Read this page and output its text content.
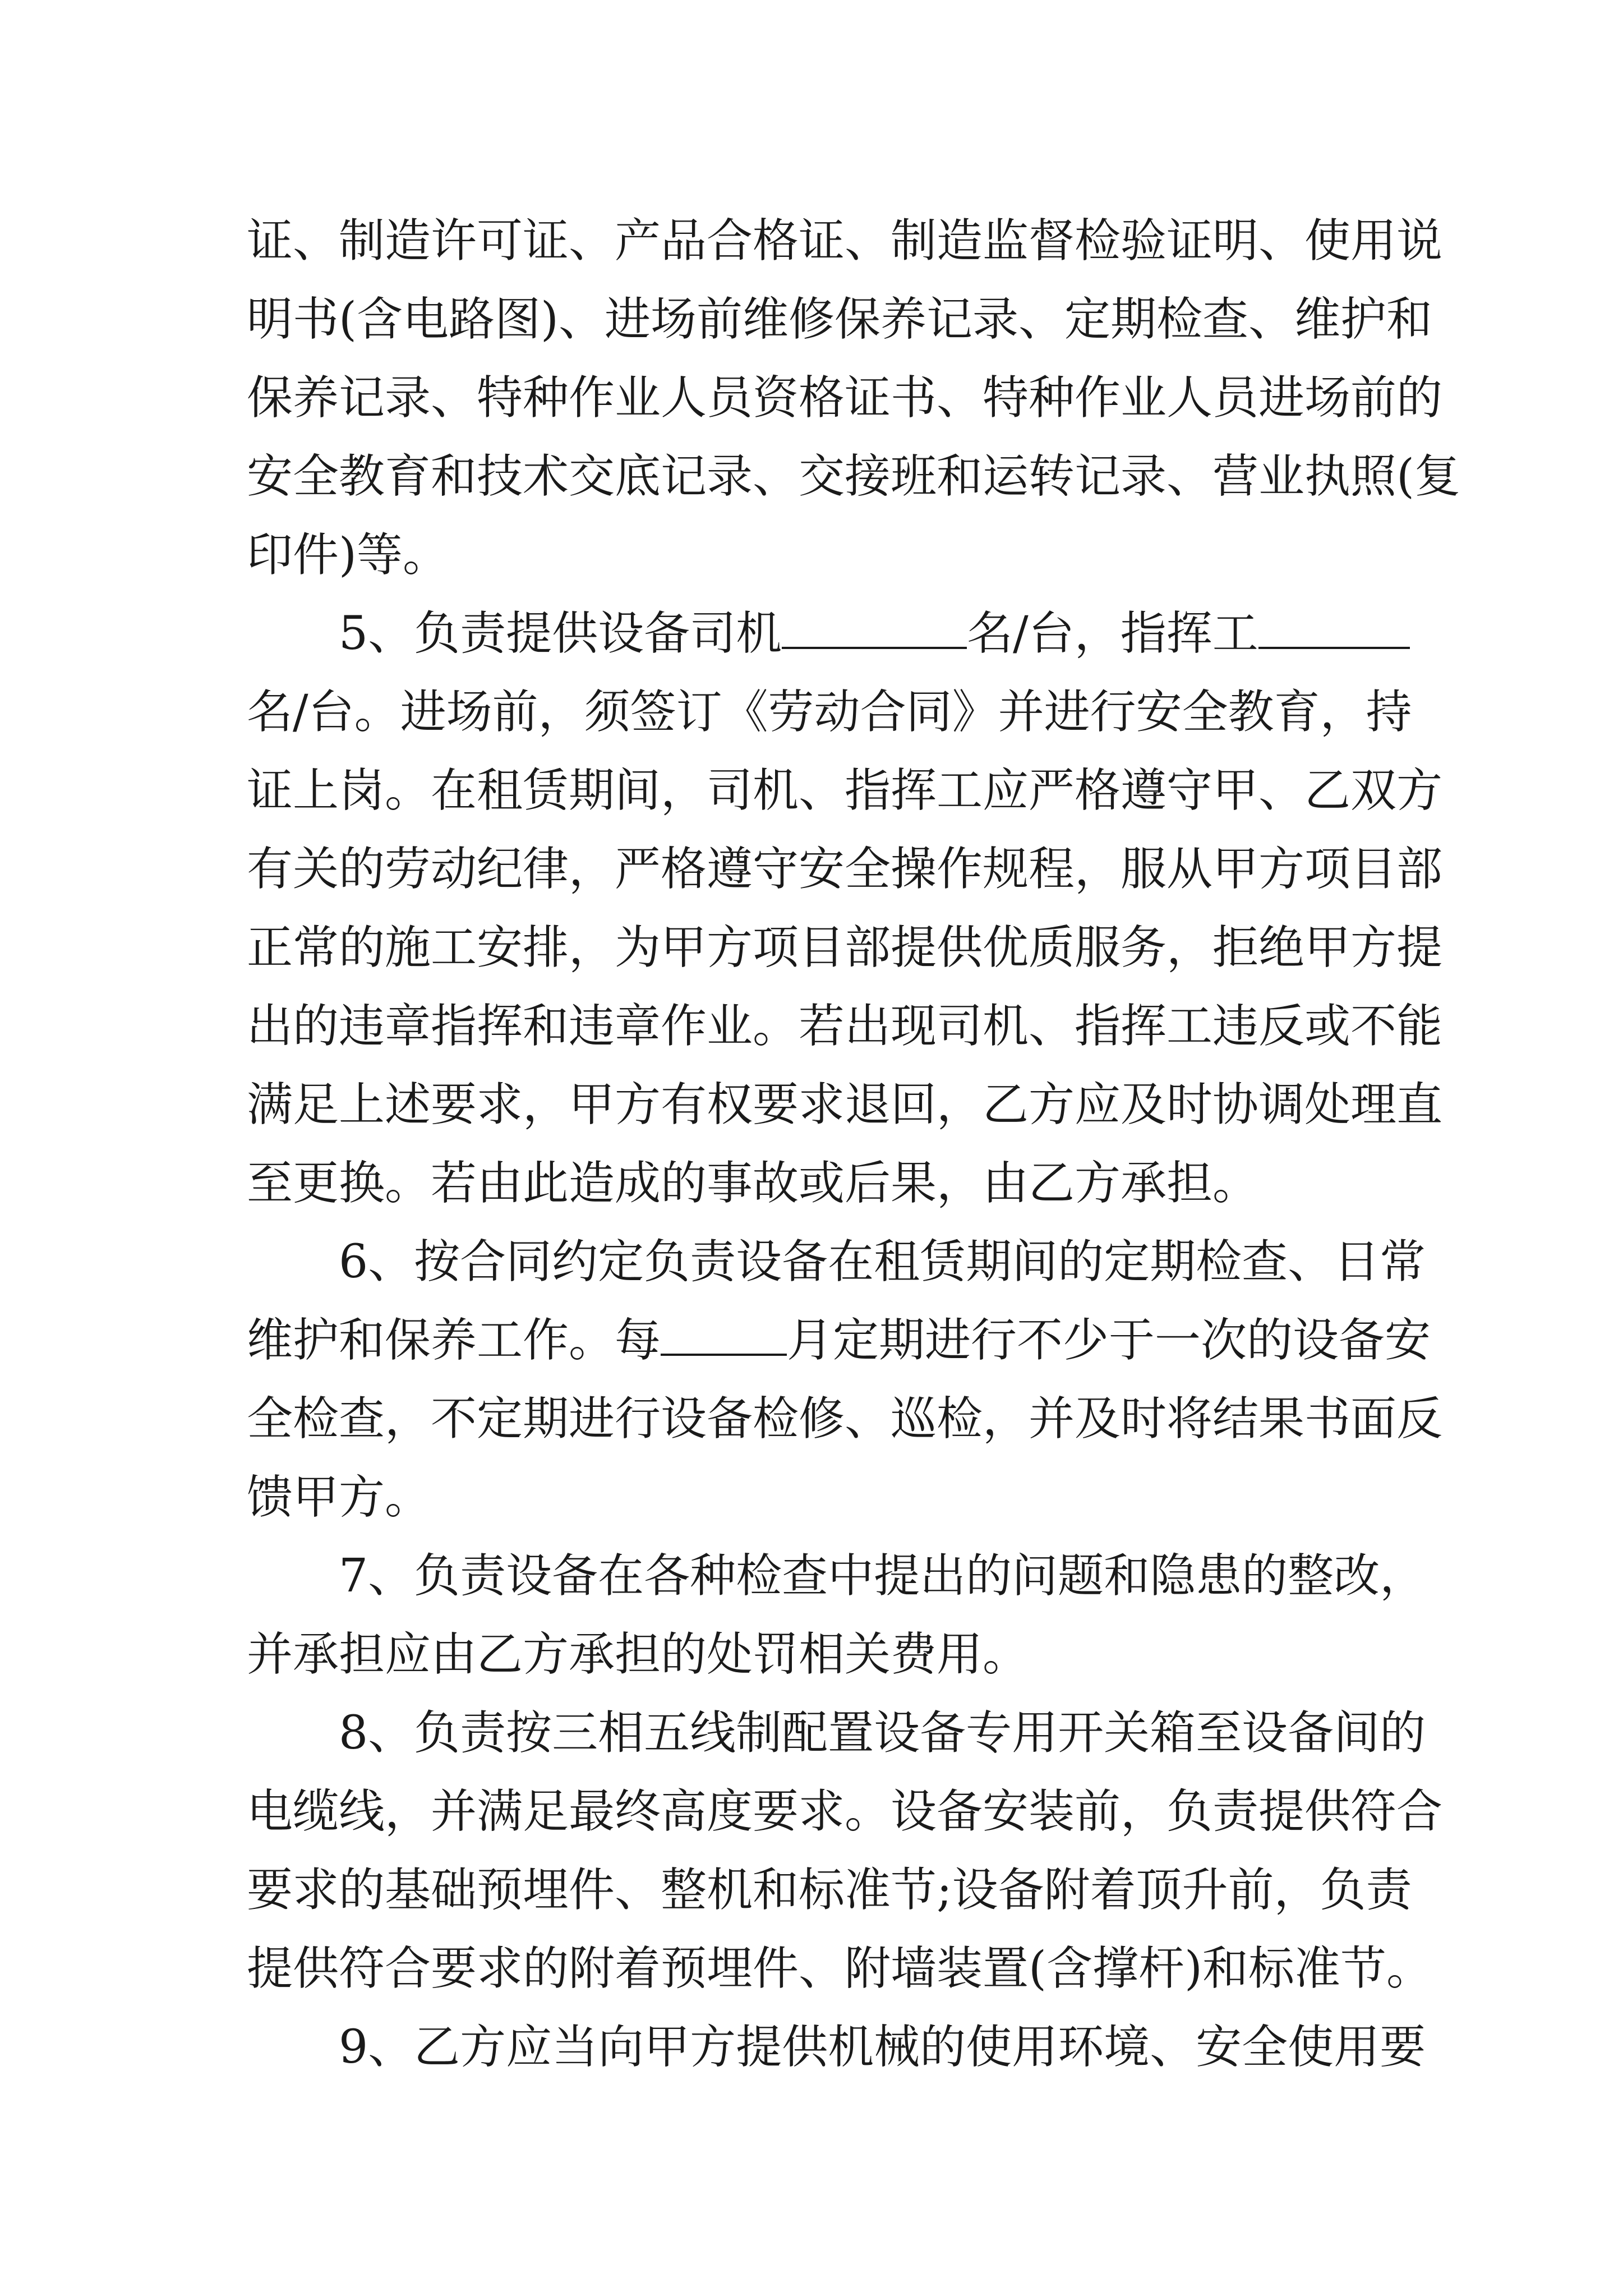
证、制造许可证、产品合格证、制造监督检验证明、使用说
明书(含电路图)、进场前维修保养记录、定期检查、维护和
保养记录、特种作业人员资格证书、特种作业人员进场前的
安全教育和技术交底记录、交接班和运转记录、营业执照(复
印件)等。
5、负责提供设备司机	名/台，指挥工
名/台。进场前，须签订《劳动合同》并进行安全教育，持
证上岗。在租赁期间，司机、指挥工应严格遵守甲、乙双方
有关的劳动纪律，严格遵守安全操作规程，服从甲方项目部
正常的施工安排，为甲方项目部提供优质服务，拒绝甲方提
出的违章指挥和违章作业。若出现司机、指挥工违反或不能
满足上述要求，甲方有权要求退回，乙方应及时协调处理直
至更换。若由此造成的事故或后果，由乙方承担。
6、按合同约定负责设备在租赁期间的定期检查、日常
维护和保养工作。每	月定期进行不少于一次的设备安
全检查，不定期进行设备检修、巡检，并及时将结果书面反
馈甲方。
7、负责设备在各种检查中提出的问题和隐患的整改，
并承担应由乙方承担的处罚相关费用。
8、负责按三相五线制配置设备专用开关箱至设备间的
电缆线，并满足最终高度要求。设备安装前，负责提供符合
要求的基础预埋件、整机和标准节;设备附着顶升前，负责
提供符合要求的附着预埋件、附墙装置(含撑杆)和标准节。
9、乙方应当向甲方提供机械的使用环境、安全使用要
